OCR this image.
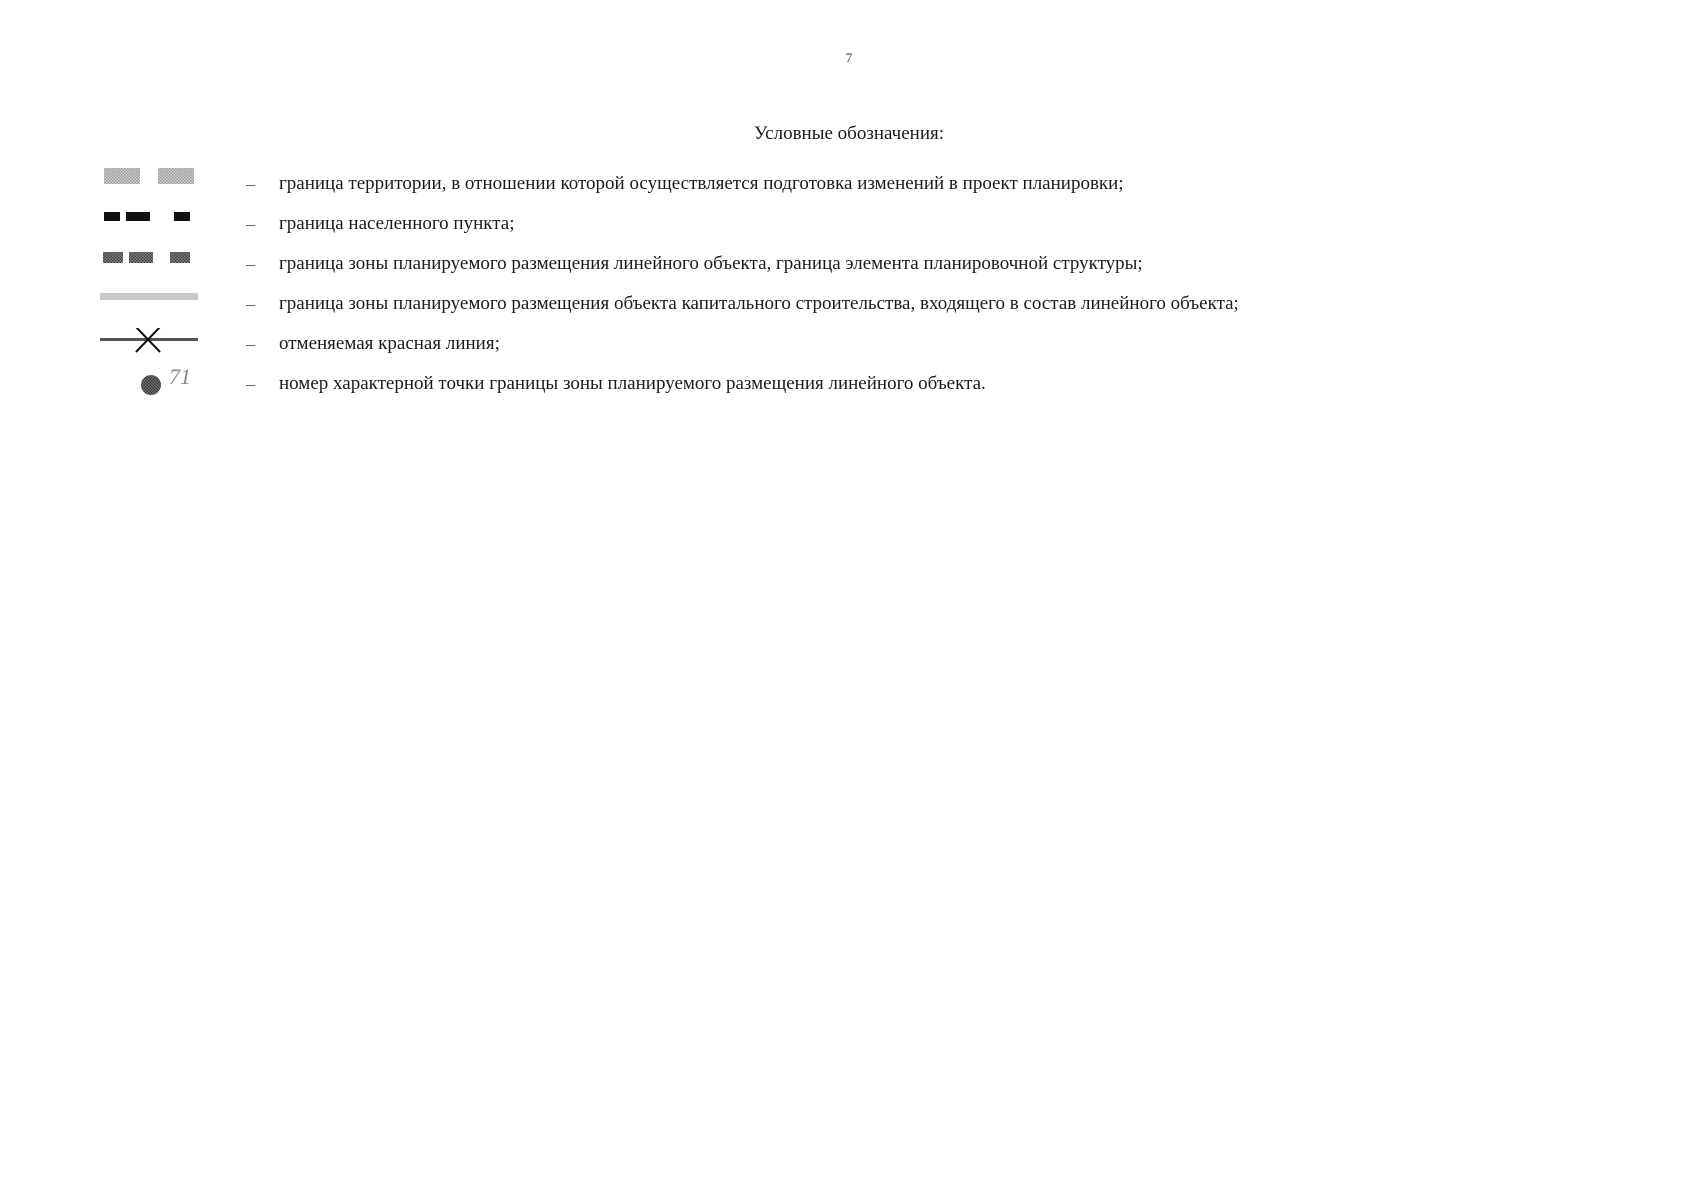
7
Условные обозначения:
– граница территории, в отношении которой осуществляется подготовка изменений в проект планировки;
– граница населенного пункта;
– граница зоны планируемого размещения линейного объекта, граница элемента планировочной структуры;
– граница зоны планируемого размещения объекта капитального строительства, входящего в состав линейного объекта;
– отменяемая красная линия;
71	– номер характерной точки границы зоны планируемого размещения линейного объекта.
